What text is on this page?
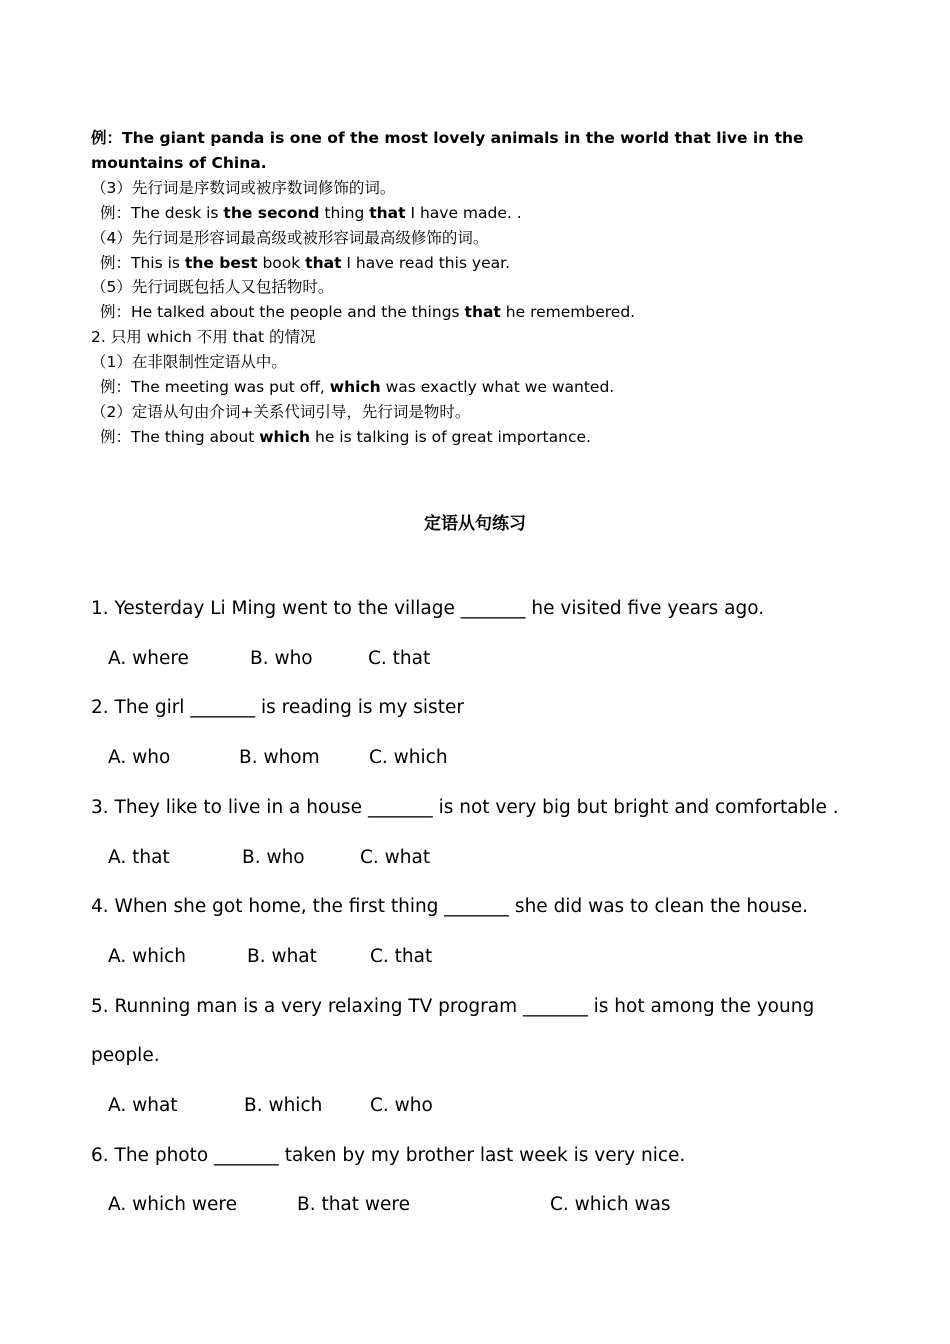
例：The giant panda is one of the most lovely animals in the world that live in the mountains of China.
（3）先行词是序数词或被序数词修饰的词。
例：The desk is the second thing that I have made. .
（4）先行词是形容词最高级或被形容词最高级修饰的词。
例：This is the best book that I have read this year.
（5）先行词既包括人又包括物时。
例：He talked about the people and the things that he remembered.
2. 只用 which 不用 that 的情况
（1）在非限制性定语从中。
例：The meeting was put off, which was exactly what we wanted.
（2）定语从句由介词+关系代词引导，先行词是物时。
例：The thing about which he is talking is of great importance.
定语从句练习
1. Yesterday Li Ming went to the village _______ he visited five years ago.
A. where	B. who	C. that
2. The girl _______ is reading is my sister
A. who	B. whom	C. which
3. They like to live in a house _______ is not very big but bright and comfortable .
A. that	B. who	C. what
4. When she got home, the first thing _______ she did was to clean the house.
A. which	B. what	C. that
5. Running man is a very relaxing TV program _______ is hot among the young
people.
A. what	B. which	C. who
6. The photo _______ taken by my brother last week is very nice.
A. which were	B. that were	C. which was
